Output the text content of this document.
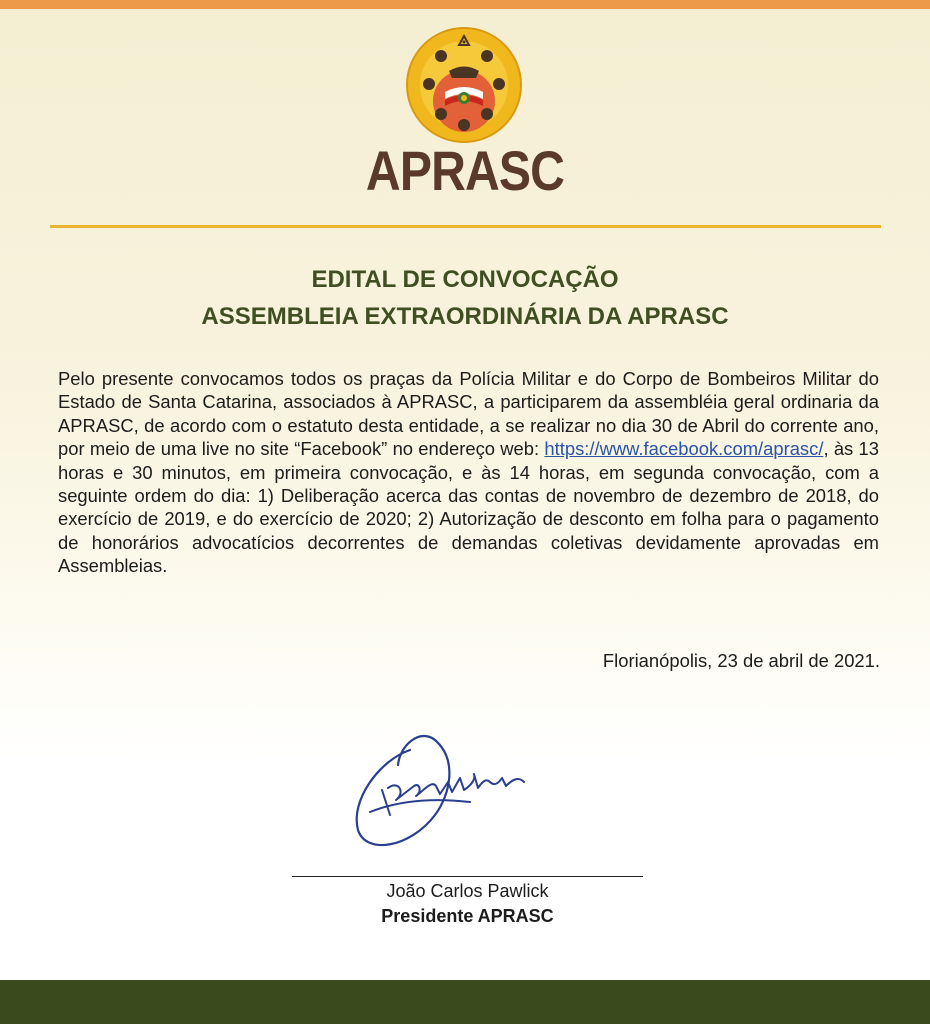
APRASC
EDITAL DE CONVOCAÇÃO
ASSEMBLEIA EXTRAORDINÁRIA DA APRASC
Pelo presente convocamos todos os praças da Polícia Militar e do Corpo de Bombeiros Militar do Estado de Santa Catarina, associados à APRASC, a participarem da assembléia geral ordinaria da APRASC, de acordo com o estatuto desta entidade, a se realizar no dia 30 de Abril do corrente ano, por meio de uma live no site “Facebook” no endereço web: https://www.facebook.com/aprasc/, às 13 horas e 30 minutos, em primeira convocação, e às 14 horas, em segunda convocação, com a seguinte ordem do dia: 1) Deliberação acerca das contas de novembro de dezembro de 2018, do exercício de 2019, e do exercício de 2020; 2) Autorização de desconto em folha para o pagamento de honorários advocatícios decorrentes de demandas coletivas devidamente aprovadas em Assembleias.
Florianópolis, 23 de abril de 2021.
João Carlos Pawlick
Presidente APRASC
